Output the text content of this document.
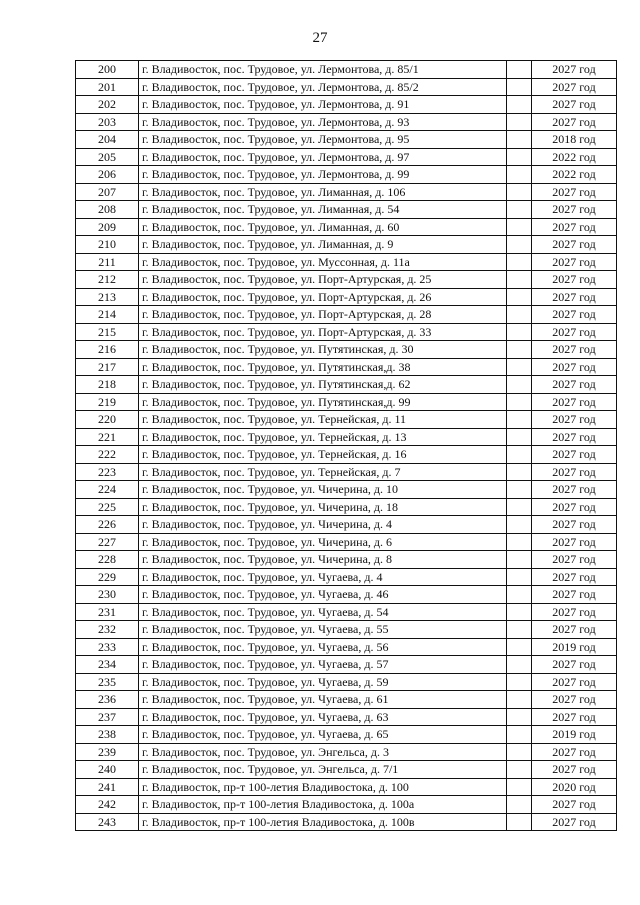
27
200	г. Владивосток, пос. Трудовое, ул. Лермонтова, д. 85/1		2027 год
201	г. Владивосток, пос. Трудовое, ул. Лермонтова, д. 85/2		2027 год
202	г. Владивосток, пос. Трудовое, ул. Лермонтова, д. 91		2027 год
203	г. Владивосток, пос. Трудовое, ул. Лермонтова, д. 93		2027 год
204	г. Владивосток, пос. Трудовое, ул. Лермонтова, д. 95		2018 год
205	г. Владивосток, пос. Трудовое, ул. Лермонтова, д. 97		2022 год
206	г. Владивосток, пос. Трудовое, ул. Лермонтова, д. 99		2022 год
207	г. Владивосток, пос. Трудовое, ул. Лиманная, д. 106		2027 год
208	г. Владивосток, пос. Трудовое, ул. Лиманная, д. 54		2027 год
209	г. Владивосток, пос. Трудовое, ул. Лиманная, д. 60		2027 год
210	г. Владивосток, пос. Трудовое, ул. Лиманная, д. 9		2027 год
211	г. Владивосток, пос. Трудовое, ул. Муссонная, д. 11а		2027 год
212	г. Владивосток, пос. Трудовое, ул. Порт-Артурская, д. 25		2027 год
213	г. Владивосток, пос. Трудовое, ул. Порт-Артурская, д. 26		2027 год
214	г. Владивосток, пос. Трудовое, ул. Порт-Артурская, д. 28		2027 год
215	г. Владивосток, пос. Трудовое, ул. Порт-Артурская, д. 33		2027 год
216	г. Владивосток, пос. Трудовое, ул. Путятинская, д. 30		2027 год
217	г. Владивосток, пос. Трудовое, ул. Путятинская,д. 38		2027 год
218	г. Владивосток, пос. Трудовое, ул. Путятинская,д. 62		2027 год
219	г. Владивосток, пос. Трудовое, ул. Путятинская,д. 99		2027 год
220	г. Владивосток, пос. Трудовое, ул. Тернейская, д. 11		2027 год
221	г. Владивосток, пос. Трудовое, ул. Тернейская, д. 13		2027 год
222	г. Владивосток, пос. Трудовое, ул. Тернейская, д. 16		2027 год
223	г. Владивосток, пос. Трудовое, ул. Тернейская, д. 7		2027 год
224	г. Владивосток, пос. Трудовое, ул. Чичерина, д. 10		2027 год
225	г. Владивосток, пос. Трудовое, ул. Чичерина, д. 18		2027 год
226	г. Владивосток, пос. Трудовое, ул. Чичерина, д. 4		2027 год
227	г. Владивосток, пос. Трудовое, ул. Чичерина, д. 6		2027 год
228	г. Владивосток, пос. Трудовое, ул. Чичерина, д. 8		2027 год
229	г. Владивосток, пос. Трудовое, ул. Чугаева, д. 4		2027 год
230	г. Владивосток, пос. Трудовое, ул. Чугаева, д. 46		2027 год
231	г. Владивосток, пос. Трудовое, ул. Чугаева, д. 54		2027 год
232	г. Владивосток, пос. Трудовое, ул. Чугаева, д. 55		2027 год
233	г. Владивосток, пос. Трудовое, ул. Чугаева, д. 56		2019 год
234	г. Владивосток, пос. Трудовое, ул. Чугаева, д. 57		2027 год
235	г. Владивосток, пос. Трудовое, ул. Чугаева, д. 59		2027 год
236	г. Владивосток, пос. Трудовое, ул. Чугаева, д. 61		2027 год
237	г. Владивосток, пос. Трудовое, ул. Чугаева, д. 63		2027 год
238	г. Владивосток, пос. Трудовое, ул. Чугаева, д. 65		2019 год
239	г. Владивосток, пос. Трудовое, ул. Энгельса, д. 3		2027 год
240	г. Владивосток, пос. Трудовое, ул. Энгельса, д. 7/1		2027 год
241	г. Владивосток, пр-т 100-летия Владивостока, д. 100		2020 год
242	г. Владивосток, пр-т 100-летия Владивостока, д. 100а		2027 год
243	г. Владивосток, пр-т 100-летия Владивостока, д. 100в		2027 год
